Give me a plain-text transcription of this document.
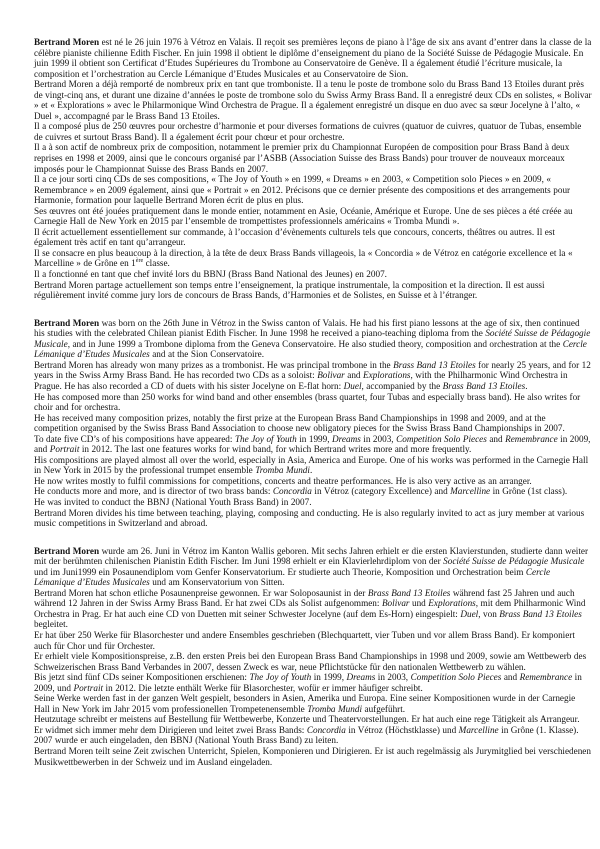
Bertrand Moren est né le 26 juin 1976 à Vétroz en Valais. Il reçoit ses premières leçons de piano à l’âge de six ans avant d’entrer dans la classe de la célèbre pianiste chilienne Edith Fischer. En juin 1998 il obtient le diplôme d’enseignement du piano de la Société Suisse de Pédagogie Musicale. En juin 1999 il obtient son Certificat d’Etudes Supérieures du Trombone au Conservatoire de Genève. Il a également étudié l’écriture musicale, la composition et l’orchestration au Cercle Lémanique d’Etudes Musicales et au Conservatoire de Sion.

Bertrand Moren a déjà remporté de nombreux prix en tant que tromboniste. Il a tenu le poste de trombone solo du Brass Band 13 Etoiles durant près de vingt-cinq ans, et durant une dizaine d’années le poste de trombone solo du Swiss Army Brass Band. Il a enregistré deux CDs en solistes, « Bolivar » et « Explorations » avec le Philarmonique Wind Orchestra de Prague. Il a également enregistré un disque en duo avec sa sœur Jocelyne à l’alto, « Duel », accompagné par le Brass Band 13 Etoiles.

Il a composé plus de 250 œuvres pour orchestre d’harmonie et pour diverses formations de cuivres (quatuor de cuivres, quatuor de Tubas, ensemble de cuivres et surtout Brass Band). Il a également écrit pour chœur et pour orchestre.

Il a à son actif de nombreux prix de composition, notamment le premier prix du Championnat Européen de composition pour Brass Band à deux reprises en 1998 et 2009, ainsi que le concours organisé par l’ASBB (Association Suisse des Brass Bands) pour trouver de nouveaux morceaux imposés pour le Championnat Suisse des Brass Bands en 2007.

Il a ce jour sorti cinq CDs de ses compositions, « The Joy of Youth » en 1999, « Dreams » en 2003, « Competition solo Pieces » en 2009, « Remembrance » en 2009 également, ainsi que « Portrait » en 2012. Précisons que ce dernier présente des compositions et des arrangements pour Harmonie, formation pour laquelle Bertrand Moren écrit de plus en plus.

Ses œuvres ont été jouées pratiquement dans le monde entier, notamment en Asie, Océanie, Amérique et Europe. Une de ses pièces a été créée au Carnegie Hall de New York en 2015 par l’ensemble de trompettistes professionnels américains « Tromba Mundi ».

Il écrit actuellement essentiellement sur commande, à l’occasion d’évènements culturels tels que concours, concerts, théâtres ou autres. Il est également très actif en tant qu’arrangeur.

Il se consacre en plus beaucoup à la direction, à la tête de deux Brass Bands villageois, la « Concordia » de Vétroz en catégorie excellence et la « Marcelline » de Grône en 1ère classe.

Il a fonctionné en tant que chef invité lors du BBNJ (Brass Band National des Jeunes) en 2007.

Bertrand Moren partage actuellement son temps entre l’enseignement, la pratique instrumentale, la composition et la direction. Il est aussi régulièrement invité comme jury lors de concours de Brass Bands, d’Harmonies et de Solistes, en Suisse et à l’étranger.

Bertrand Moren was born on the 26th June in Vétroz in the Swiss canton of Valais. He had his first piano lessons at the age of six, then continued his studies with the celebrated Chilean pianist Edith Fischer. In June 1998 he received a piano-teaching diploma from the Société Suisse de Pédagogie Musicale, and in June 1999 a Trombone diploma from the Geneva Conservatoire. He also studied theory, composition and orchestration at the Cercle Lémanique d’Etudes Musicales and at the Sion Conservatoire.

Bertrand Moren has already won many prizes as a trombonist. He was principal trombone in the Brass Band 13 Etoiles for nearly 25 years, and for 12 years in the Swiss Army Brass Band. He has recorded two CDs as a soloist: Bolivar and Explorations, with the Philharmonic Wind Orchestra in Prague. He has also recorded a CD of duets with his sister Jocelyne on E-flat horn: Duel, accompanied by the Brass Band 13 Etoiles.

He has composed more than 250 works for wind band and other ensembles (brass quartet, four Tubas and especially brass band). He also writes for choir and for orchestra.

He has received many composition prizes, notably the first prize at the European Brass Band Championships in 1998 and 2009, and at the competition organised by the Swiss Brass Band Association to choose new obligatory pieces for the Swiss Brass Band Championships in 2007.

To date five CD’s of his compositions have appeared: The Joy of Youth in 1999, Dreams in 2003, Competition Solo Pieces and Remembrance in 2009, and Portrait in 2012. The last one features works for wind band, for which Bertrand writes more and more frequently.

His compositions are played almost all over the world, especially in Asia, America and Europe. One of his works was performed in the Carnegie Hall in New York in 2015 by the professional trumpet ensemble Tromba Mundi.

He now writes mostly to fulfil commissions for competitions, concerts and theatre performances. He is also very active as an arranger.

He conducts more and more, and is director of two brass bands: Concordia in Vétroz (category Excellence) and Marcelline in Grône (1st class).

He was invited to conduct the BBNJ (National Youth Brass Band) in 2007.

Bertrand Moren divides his time between teaching, playing, composing and conducting. He is also regularly invited to act as jury member at various music competitions in Switzerland and abroad.

Bertrand Moren wurde am 26. Juni in Vétroz im Kanton Wallis geboren. Mit sechs Jahren erhielt er die ersten Klavierstunden, studierte dann weiter mit der berühmten chilenischen Pianistin Edith Fischer. Im Juni 1998 erhielt er ein Klavierlehrdiplom von der Société Suisse de Pédagogie Musicale und im Juni1999 ein Posaunendiplom vom Genfer Konservatorium. Er studierte auch Theorie, Komposition und Orchestration beim Cercle Lémanique d’Etudes Musicales und am Konservatorium von Sitten.

Bertrand Moren hat schon etliche Posaunenpreise gewonnen. Er war Soloposaunist in der Brass Band 13 Etoiles während fast 25 Jahren und auch während 12 Jahren in der Swiss Army Brass Band. Er hat zwei CDs als Solist aufgenommen: Bolivar und Explorations, mit dem Philharmonic Wind Orchestra in Prag. Er hat auch eine CD von Duetten mit seiner Schwester Jocelyne (auf dem Es-Horn) eingespielt: Duel, von Brass Band 13 Etoiles begleitet.

Er hat über 250 Werke für Blasorchester und andere Ensembles geschrieben (Blechquartett, vier Tuben und vor allem Brass Band). Er komponiert auch für Chor und für Orchester.

Er erhielt viele Kompositionspreise, z.B. den ersten Preis bei den European Brass Band Championships in 1998 und 2009, sowie am Wettbewerb des Schweizerischen Brass Band Verbandes in 2007, dessen Zweck es war, neue Pflichtstücke für den nationalen Wettbewerb zu wählen.

Bis jetzt sind fünf CDs seiner Kompositionen erschienen: The Joy of Youth in 1999, Dreams in 2003, Competition Solo Pieces and Remembrance in 2009, und Portrait in 2012. Die letzte enthält Werke für Blasorchester, wofür er immer häufiger schreibt.

Seine Werke werden fast in der ganzen Welt gespielt, besonders in Asien, Amerika und Europa. Eine seiner Kompositionen wurde in der Carnegie Hall in New York im Jahr 2015 vom professionellen Trompetenensemble Tromba Mundi aufgeführt.

Heutzutage schreibt er meistens auf Bestellung für Wettbewerbe, Konzerte und Theatervorstellungen. Er hat auch eine rege Tätigkeit als Arrangeur.

Er widmet sich immer mehr dem Dirigieren und leitet zwei Brass Bands: Concordia in Vétroz (Höchstklasse) und Marcelline in Grône (1. Klasse).

2007 wurde er auch eingeladen, den BBNJ (National Youth Brass Band) zu leiten.

Bertrand Moren teilt seine Zeit zwischen Unterricht, Spielen, Komponieren und Dirigieren. Er ist auch regelmässig als Jurymitglied bei verschiedenen Musikwettbewerben in der Schweiz und im Ausland eingeladen.
